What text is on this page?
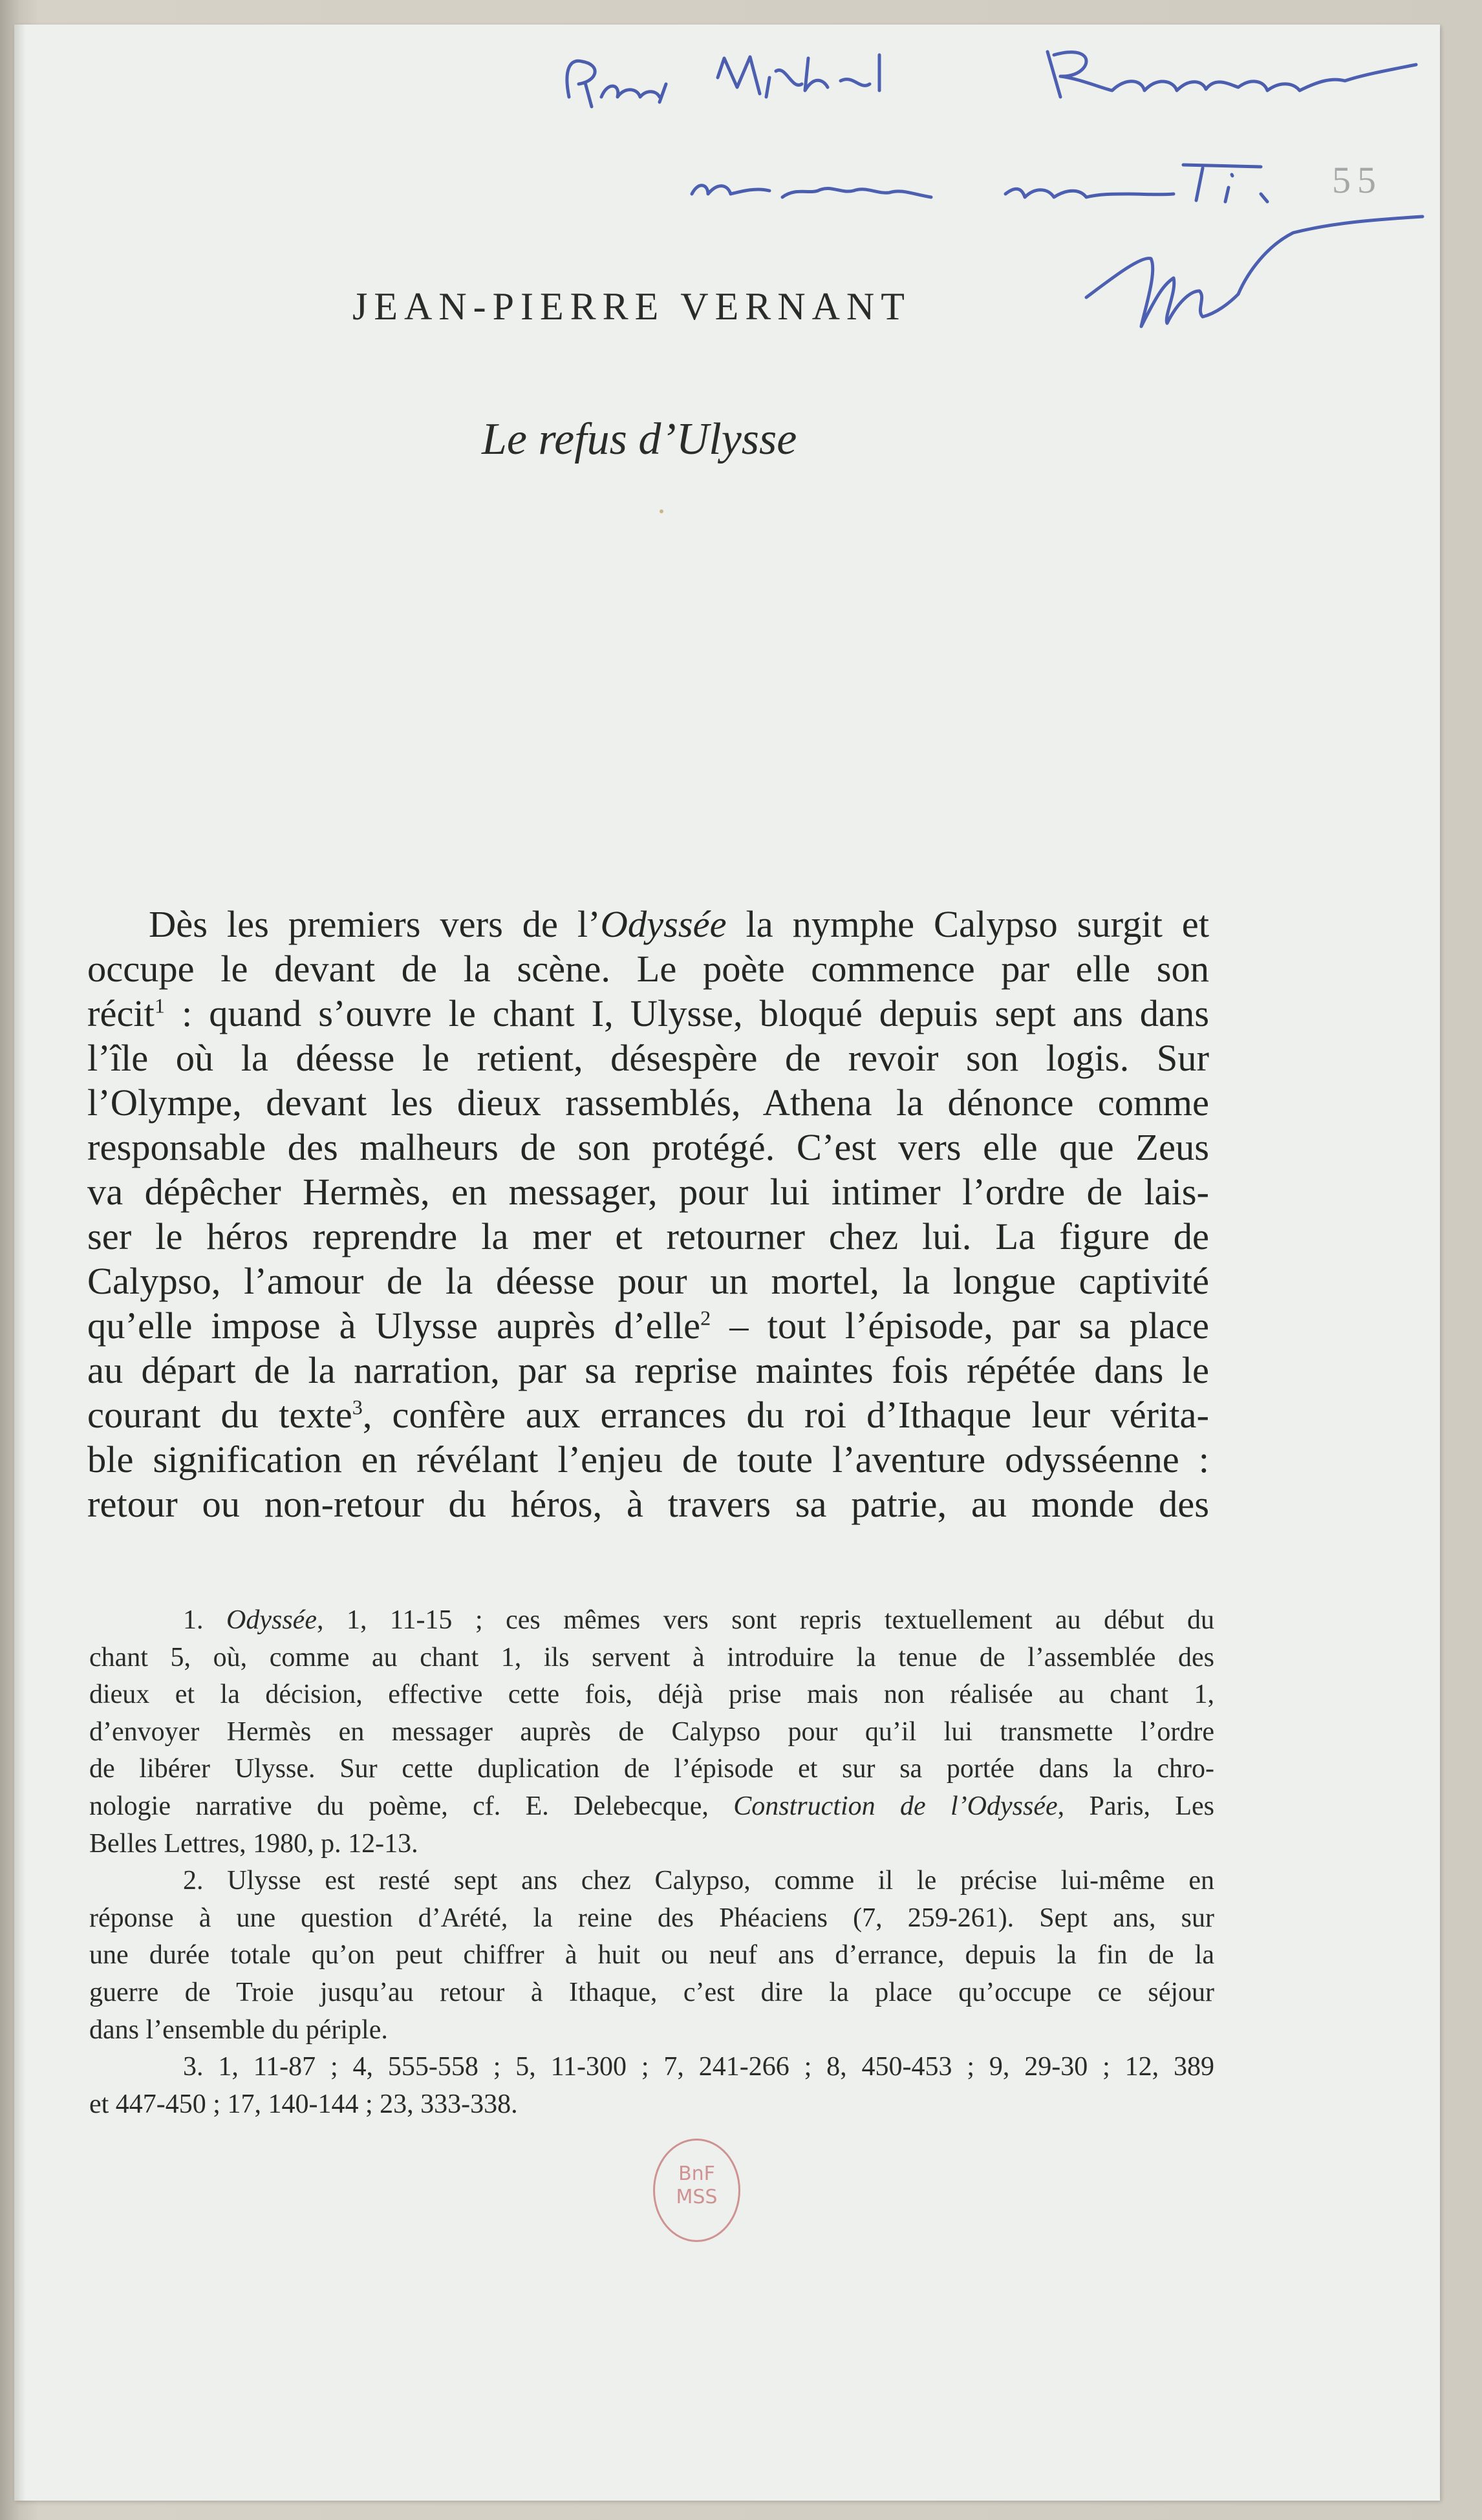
55
JEAN-PIERRE VERNANT
Le refus d’Ulysse
Dès les premiers vers de l’Odyssée la nymphe Calypso surgit et
occupe le devant de la scène. Le poète commence par elle son
récit$^1$ : quand s’ouvre le chant I, Ulysse, bloqué depuis sept ans dans
l’île où la déesse le retient, désespère de revoir son logis. Sur
l’Olympe, devant les dieux rassemblés, Athena la dénonce comme
responsable des malheurs de son protégé. C’est vers elle que Zeus
va dépêcher Hermès, en messager, pour lui intimer l’ordre de lais-
ser le héros reprendre la mer et retourner chez lui. La figure de
Calypso, l’amour de la déesse pour un mortel, la longue captivité
qu’elle impose à Ulysse auprès d’elle$^2$ – tout l’épisode, par sa place
au départ de la narration, par sa reprise maintes fois répétée dans le
courant du texte$^3$, confère aux errances du roi d’Ithaque leur vérita-
ble signification en révélant l’enjeu de toute l’aventure odysséenne :
retour ou non-retour du héros, à travers sa patrie, au monde des
1. Odyssée, 1, 11-15 ; ces mêmes vers sont repris textuellement au début du
chant 5, où, comme au chant 1, ils servent à introduire la tenue de l’assemblée des
dieux et la décision, effective cette fois, déjà prise mais non réalisée au chant 1,
d’envoyer Hermès en messager auprès de Calypso pour qu’il lui transmette l’ordre
de libérer Ulysse. Sur cette duplication de l’épisode et sur sa portée dans la chro-
nologie narrative du poème, cf. E. Delebecque, Construction de l’Odyssée, Paris, Les
Belles Lettres, 1980, p. 12-13.
2. Ulysse est resté sept ans chez Calypso, comme il le précise lui-même en
réponse à une question d’Arété, la reine des Phéaciens (7, 259-261). Sept ans, sur
une durée totale qu’on peut chiffrer à huit ou neuf ans d’errance, depuis la fin de la
guerre de Troie jusqu’au retour à Ithaque, c’est dire la place qu’occupe ce séjour
dans l’ensemble du périple.
3. 1, 11-87 ; 4, 555-558 ; 5, 11-300 ; 7, 241-266 ; 8, 450-453 ; 9, 29-30 ; 12, 389
et 447-450 ; 17, 140-144 ; 23, 333-338.
BnF
MSS
